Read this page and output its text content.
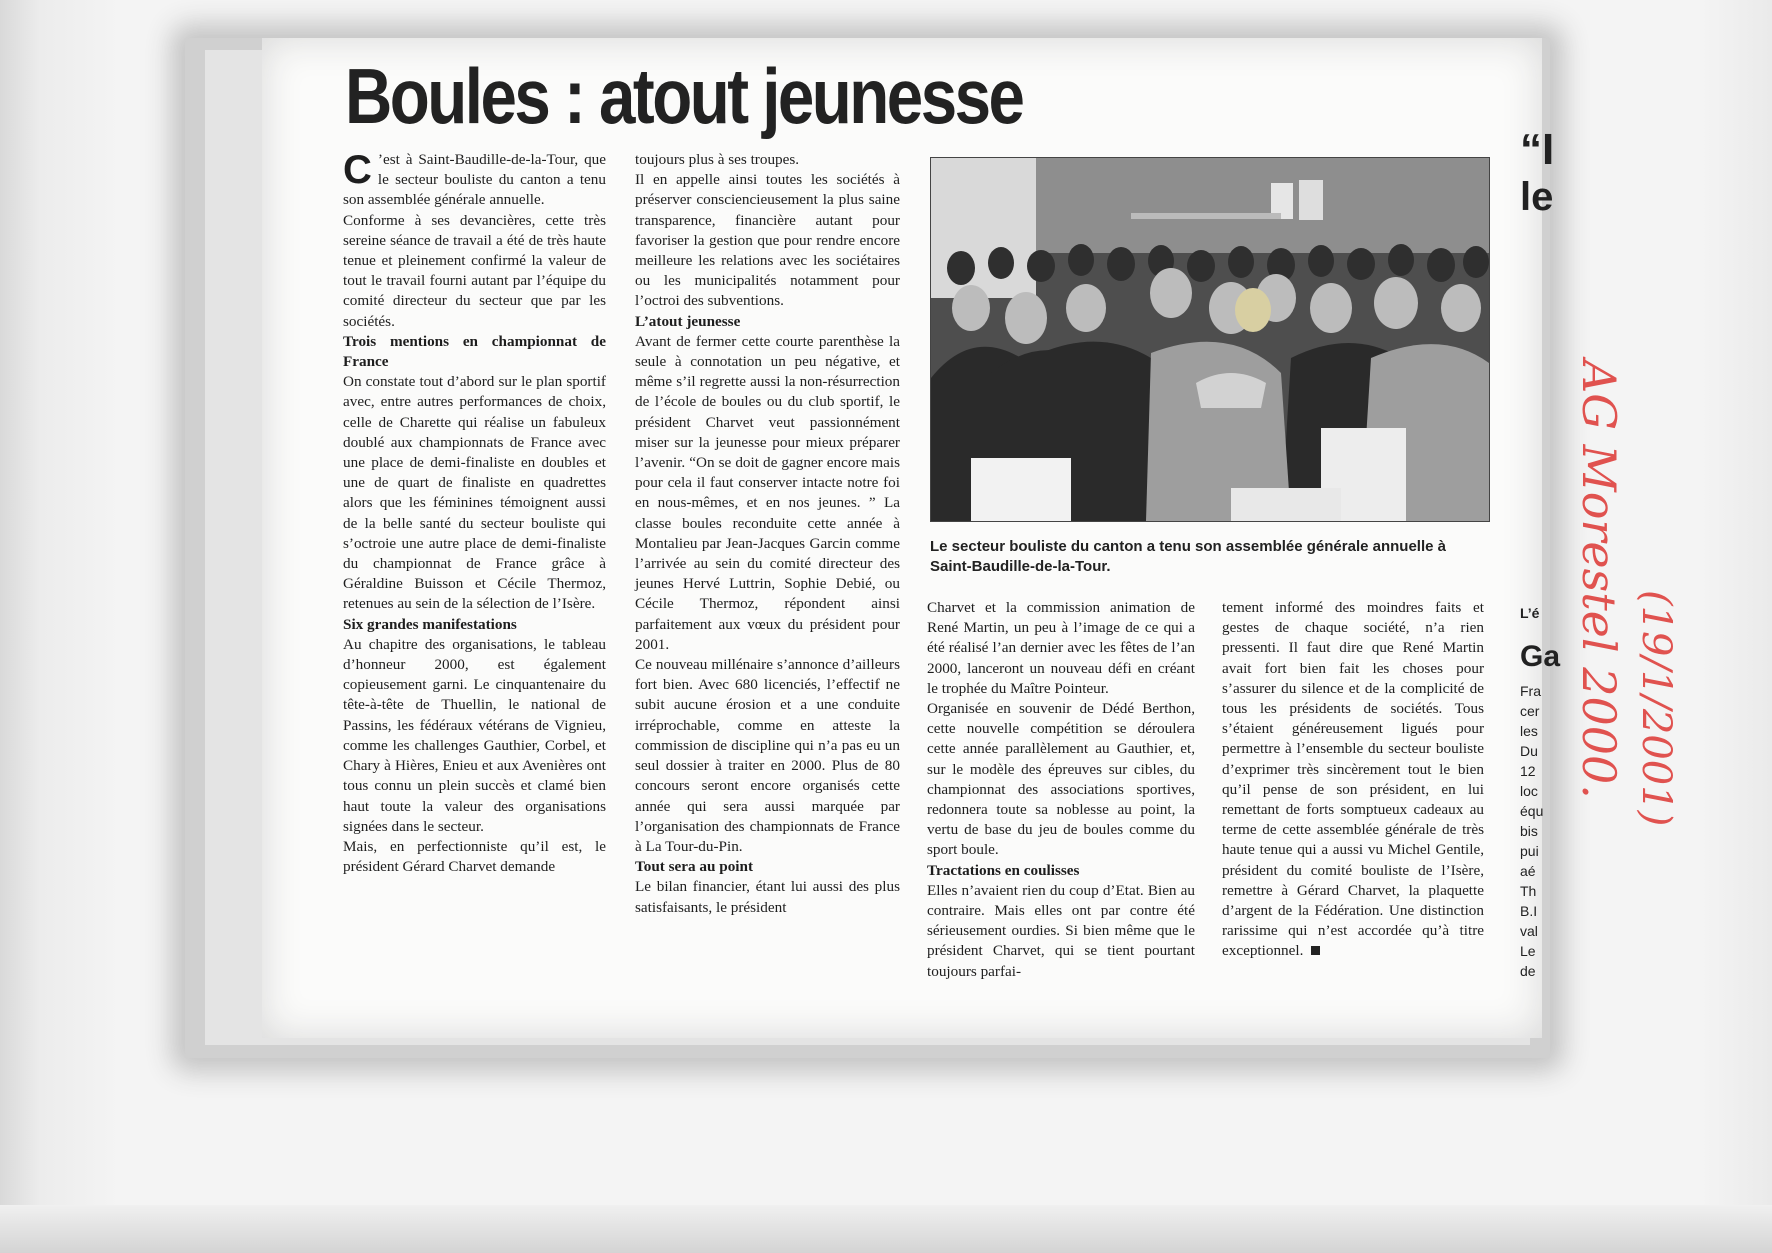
Boules : atout jeunesse

C ’est à Saint-Baudille-de-la-Tour, que le secteur bouliste du canton a tenu son assemblée générale annuelle.

Conforme à ses devancières, cette très sereine séance de travail a été de très haute tenue et pleinement confirmé la valeur de tout le travail fourni autant par l’équipe du comité directeur du secteur que par les sociétés.

Trois mentions en championnat de France

On constate tout d’abord sur le plan sportif avec, entre autres performances de choix, celle de Charette qui réalise un fabuleux doublé aux championnats de France avec une place de demi-finaliste en doubles et une de quart de finaliste en quadrettes alors que les féminines témoignent aussi de la belle santé du secteur bouliste qui s’octroie une autre place de demi-finaliste du championnat de France grâce à Géraldine Buisson et Cécile Thermoz, retenues au sein de la sélection de l’Isère.

Six grandes manifestations

Au chapitre des organisations, le tableau d’honneur 2000, est également copieusement garni. Le cinquantenaire du tête-à-tête de Thuellin, le national de Passins, les fédéraux vétérans de Vignieu, comme les challenges Gauthier, Corbel, et Chary à Hières, Enieu et aux Avenières ont tous connu un plein succès et clamé bien haut toute la valeur des organisations signées dans le secteur.

Mais, en perfectionniste qu’il est, le président Gérard Charvet demande

toujours plus à ses troupes.

Il en appelle ainsi toutes les sociétés à préserver consciencieusement la plus saine transparence, financière autant pour favoriser la gestion que pour rendre encore meilleure les relations avec les sociétaires ou les municipalités notamment pour l’octroi des subventions.

L’atout jeunesse

Avant de fermer cette courte parenthèse la seule à connotation un peu négative, et même s’il regrette aussi la non-résurrection de l’école de boules ou du club sportif, le président Charvet veut passionnément miser sur la jeunesse pour mieux préparer l’avenir. “On se doit de gagner encore mais pour cela il faut conserver intacte notre foi en nous-mêmes, et en nos jeunes. ” La classe boules reconduite cette année à Montalieu par Jean-Jacques Garcin comme l’arrivée au sein du comité directeur des jeunes Hervé Luttrin, Sophie Debié, ou Cécile Thermoz, répondent ainsi parfaitement aux vœux du président pour 2001.

Ce nouveau millénaire s’annonce d’ailleurs fort bien. Avec 680 licenciés, l’effectif ne subit aucune érosion et a une conduite irréprochable, comme en atteste la commission de discipline qui n’a pas eu un seul dossier à traiter en 2000. Plus de 80 concours seront encore organisés cette année qui sera aussi marquée par l’organisation des championnats de France à La Tour-du-Pin.

Tout sera au point

Le bilan financier, étant lui aussi des plus satisfaisants, le président

Le secteur bouliste du canton a tenu son assemblée générale annuelle à Saint-Baudille-de-la-Tour.

Charvet et la commission animation de René Martin, un peu à l’image de ce qui a été réalisé l’an dernier avec les fêtes de l’an 2000, lanceront un nouveau défi en créant le trophée du Maître Pointeur.

Organisée en souvenir de Dédé Berthon, cette nouvelle compétition se déroulera cette année parallèlement au Gauthier, et, sur le modèle des épreuves sur cibles, du championnat des associations sportives, redonnera toute sa noblesse au point, la vertu de base du jeu de boules comme du sport boule.

Tractations en coulisses

Elles n’avaient rien du coup d’Etat. Bien au contraire. Mais elles ont par contre été sérieusement ourdies. Si bien même que le président Charvet, qui se tient pourtant toujours parfai-

tement informé des moindres faits et gestes de chaque société, n’a rien pressenti. Il faut dire que René Martin avait fort bien fait les choses pour s’assurer du silence et de la complicité de tous les présidents de sociétés. Tous s’étaient généreusement ligués pour permettre à l’ensemble du secteur bouliste d’exprimer très sincèrement tout le bien qu’il pense de son président, en lui remettant de forts somptueux cadeaux au terme de cette assemblée générale de très haute tenue qui a aussi vu Michel Gentile, président du comité bouliste de l’Isère, remettre à Gérard Charvet, la plaquette d’argent de la Fédération. Une distinction rarissime qui n’est accordée qu’à titre exceptionnel.

“I
le
L’é
Ga
Fra
cer
les
Du
12
loc
équ
bis
pui
aé
Th
B.I
val
Le
de
AG Morestel 2000. (19/1/2001)
